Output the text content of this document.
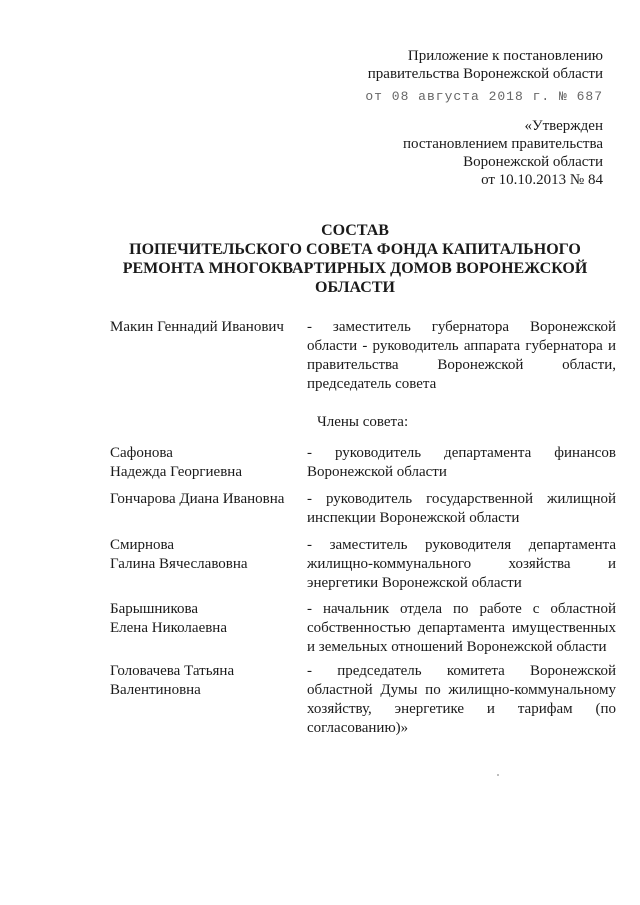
Приложение к постановлению
правительства Воронежской области
от 08 августа 2018 г. № 687
«Утвержден
постановлением правительства
Воронежской области
от 10.10.2013 № 84
СОСТАВ
ПОПЕЧИТЕЛЬСКОГО СОВЕТА ФОНДА КАПИТАЛЬНОГО
РЕМОНТА МНОГОКВАРТИРНЫХ ДОМОВ ВОРОНЕЖСКОЙ
ОБЛАСТИ
Макин Геннадий Иванович - заместитель губернатора Воронежской области - руководитель аппарата губернатора и правительства Воронежской области, председатель совета
Члены совета:
Сафонова
Надежда Георгиевна
- руководитель департамента финансов Воронежской области
Гончарова Диана Ивановна - руководитель государственной жилищной инспекции Воронежской области
Смирнова
Галина Вячеславовна
- заместитель руководителя департамента жилищно-коммунального хозяйства и энергетики Воронежской области
Барышникова
Елена Николаевна
- начальник отдела по работе с областной собственностью департамента имущественных и земельных отношений Воронежской области
Головачева Татьяна
Валентиновна
- председатель комитета Воронежской областной Думы по жилищно-коммунальному хозяйству, энергетике и тарифам (по согласованию)»
